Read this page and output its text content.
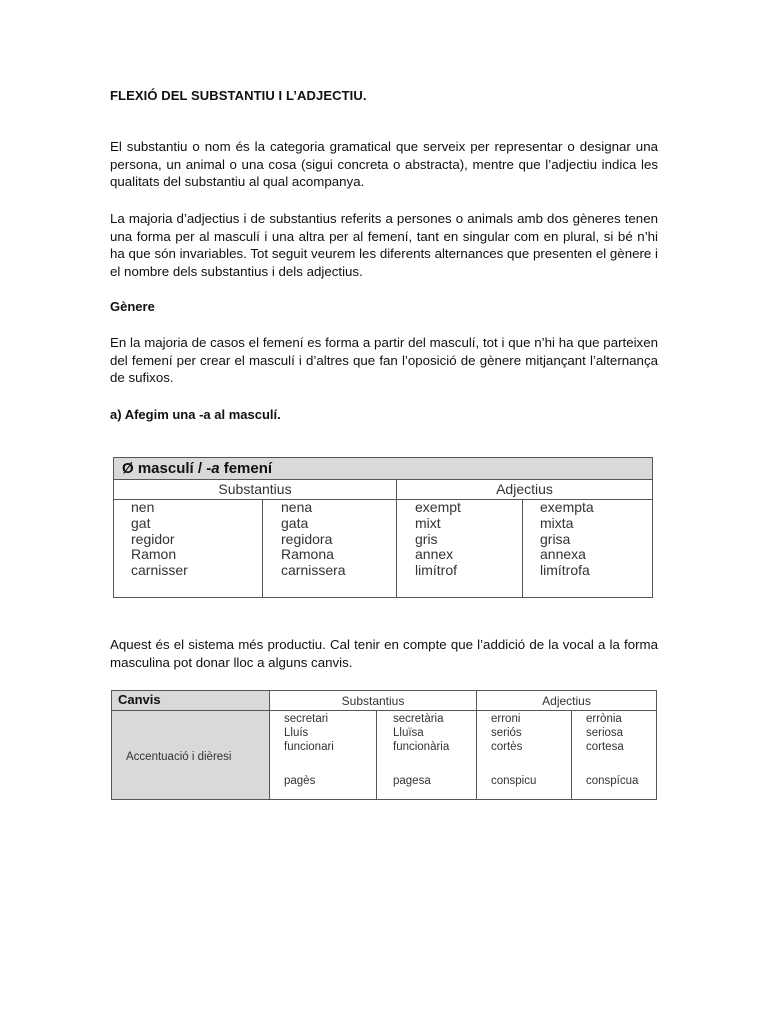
FLEXIÓ DEL SUBSTANTIU I L’ADJECTIU.

El substantiu o nom és la categoria gramatical que serveix per representar o designar una persona, un animal o una cosa (sigui concreta o abstracta), mentre que l’adjectiu indica les qualitats del substantiu al qual acompanya.

La majoria d’adjectius i de substantius referits a persones o animals amb dos gèneres tenen una forma per al masculí i una altra per al femení, tant en singular com en plural, si bé n’hi ha que són invariables. Tot seguit veurem les diferents alternances que presenten el gènere i el nombre dels substantius i dels adjectius.

Gènere

En la majoria de casos el femení es forma a partir del masculí, tot i que n’hi ha que parteixen del femení per crear el masculí i d’altres que fan l’oposició de gènere mitjançant l’alternança de sufixos.

a) Afegim una -a al masculí.

Aquest és el sistema més productiu. Cal tenir en compte que l’addició de la vocal a la forma masculina pot donar lloc a alguns canvis.

Ø masculí / -a femení
Substantius	Adjectius
nen
gat
regidor
Ramon
carnisser
nena
gata
regidora
Ramona
carnissera
exempt
mixt
gris
annex
limítrof
exempta
mixta
grisa
annexa
limítrofa
Canvis
Accentuació i dièresi
Substantius	Adjectius
secretari
Lluís
funcionari
pagès
secretària
Lluïsa
funcionària
pagesa
erroni
seriós
cortès
conspicu
errònia
seriosa
cortesa
conspícua
